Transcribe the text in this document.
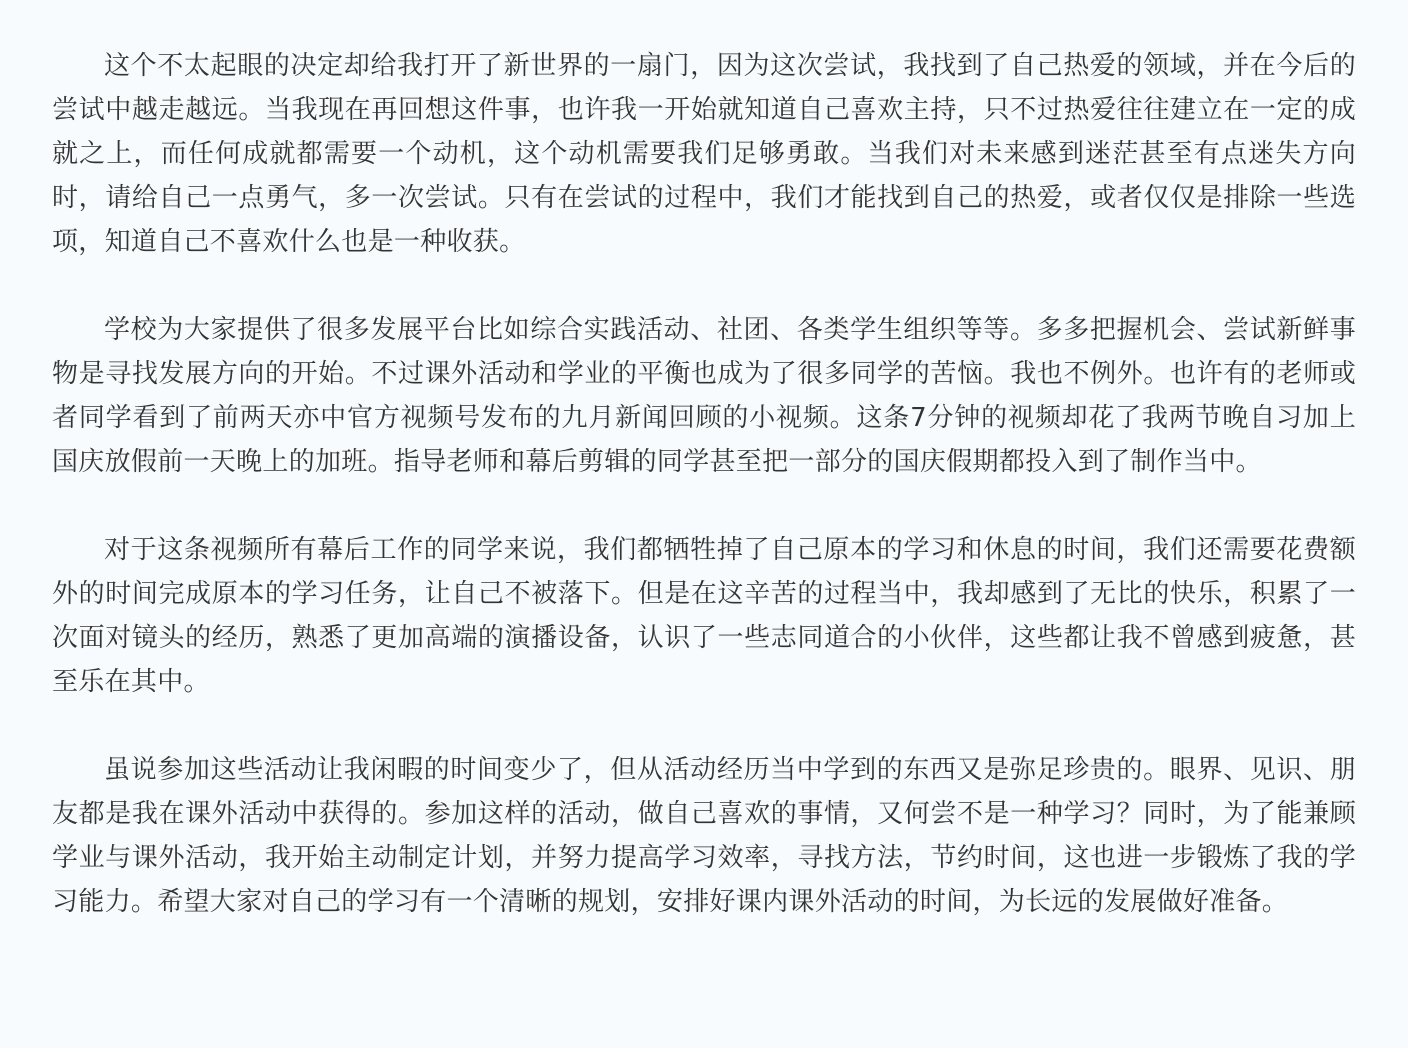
这个不太起眼的决定却给我打开了新世界的一扇门，因为这次尝试，我找到了自己热爱的领域，并在今后的尝试中越走越远。当我现在再回想这件事，也许我一开始就知道自己喜欢主持，只不过热爱往往建立在一定的成就之上，而任何成就都需要一个动机，这个动机需要我们足够勇敢。当我们对未来感到迷茫甚至有点迷失方向时，请给自己一点勇气，多一次尝试。只有在尝试的过程中，我们才能找到自己的热爱，或者仅仅是排除一些选项，知道自己不喜欢什么也是一种收获。

学校为大家提供了很多发展平台比如综合实践活动、社团、各类学生组织等等。多多把握机会、尝试新鲜事物是寻找发展方向的开始。不过课外活动和学业的平衡也成为了很多同学的苦恼。我也不例外。也许有的老师或者同学看到了前两天亦中官方视频号发布的九月新闻回顾的小视频。这条7分钟的视频却花了我两节晚自习加上国庆放假前一天晚上的加班。指导老师和幕后剪辑的同学甚至把一部分的国庆假期都投入到了制作当中。

对于这条视频所有幕后工作的同学来说，我们都牺牲掉了自己原本的学习和休息的时间，我们还需要花费额外的时间完成原本的学习任务，让自己不被落下。但是在这辛苦的过程当中，我却感到了无比的快乐，积累了一次面对镜头的经历，熟悉了更加高端的演播设备，认识了一些志同道合的小伙伴，这些都让我不曾感到疲惫，甚至乐在其中。

虽说参加这些活动让我闲暇的时间变少了，但从活动经历当中学到的东西又是弥足珍贵的。眼界、见识、朋友都是我在课外活动中获得的。参加这样的活动，做自己喜欢的事情，又何尝不是一种学习？同时，为了能兼顾学业与课外活动，我开始主动制定计划，并努力提高学习效率，寻找方法，节约时间，这也进一步锻炼了我的学习能力。希望大家对自己的学习有一个清晰的规划，安排好课内课外活动的时间，为长远的发展做好准备。
